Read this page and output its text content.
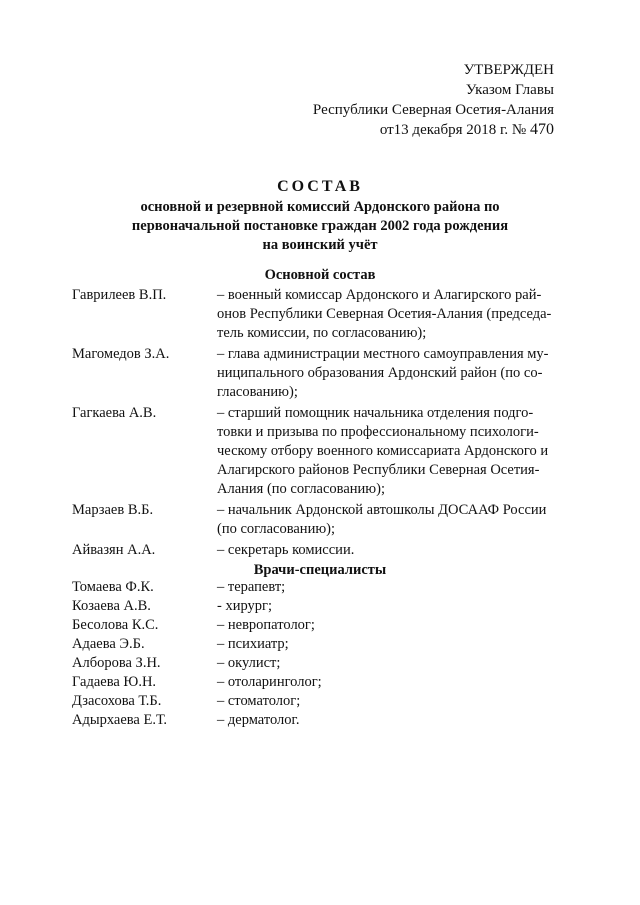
УТВЕРЖДЕН
Указом Главы
Республики Северная Осетия-Алания
от13 декабря 2018 г. № 470
СОСТАВ
основной и резервной комиссий Ардонского района по
первоначальной постановке граждан 2002 года рождения
на воинский учёт
Основной состав
Гаврилеев В.П.	– военный комиссар Ардонского и Алагирского рай-
онов Республики Северная Осетия-Алания (председа-
тель комиссии, по согласованию);
Магомедов З.А.	– глава администрации местного самоуправления му-
ниципального образования Ардонский район (по со-
гласованию);
Гагкаева А.В.	– старший помощник начальника отделения подго-
товки и призыва по профессиональному психологи-
ческому отбору военного комиссариата Ардонского и
Алагирского районов Республики Северная Осетия-
Алания (по согласованию);
Марзаев В.Б.	– начальник Ардонской автошколы ДОСААФ России
(по согласованию);
Айвазян А.А.	– секретарь комиссии.
Врачи-специалисты
Томаева Ф.К.	– терапевт;
Козаева А.В.	- хирург;
Бесолова К.С.	– невропатолог;
Адаева Э.Б.	– психиатр;
Алборова З.Н.	– окулист;
Гадаева Ю.Н.	– отоларинголог;
Дзасохова Т.Б.	– стоматолог;
Адырхаева Е.Т.	– дерматолог.
